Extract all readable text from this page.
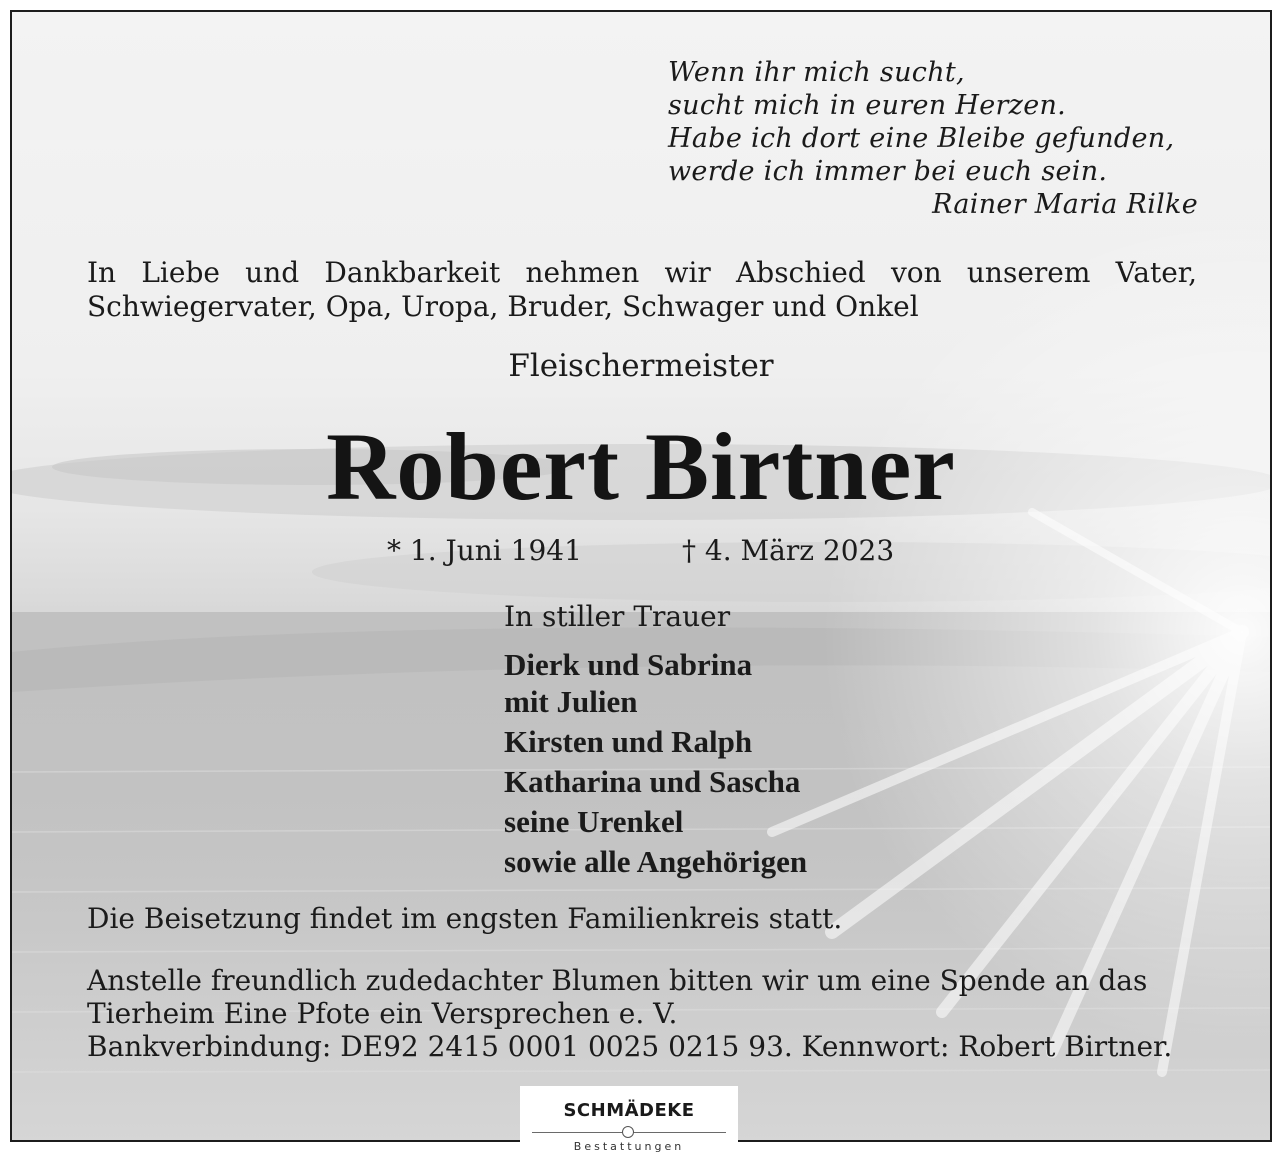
Wenn ihr mich sucht,
sucht mich in euren Herzen.
Habe ich dort eine Bleibe gefunden,
werde ich immer bei euch sein.
Rainer Maria Rilke
In Liebe und Dankbarkeit nehmen wir Abschied von unserem Vater, Schwiegervater, Opa, Uropa, Bruder, Schwager und Onkel
Fleischermeister
Robert Birtner
* 1. Juni 1941	† 4. März 2023
In stiller Trauer
Dierk und Sabrina
mit Julien
Kirsten und Ralph
Katharina und Sascha
seine Urenkel
sowie alle Angehörigen
Die Beisetzung findet im engsten Familienkreis statt.
Anstelle freundlich zudedachter Blumen bitten wir um eine Spende an das
Tierheim Eine Pfote ein Versprechen e. V.
Bankverbindung: DE92 2415 0001 0025 0215 93. Kennwort: Robert Birtner.
SCHMÄDEKE
Bestattungen
